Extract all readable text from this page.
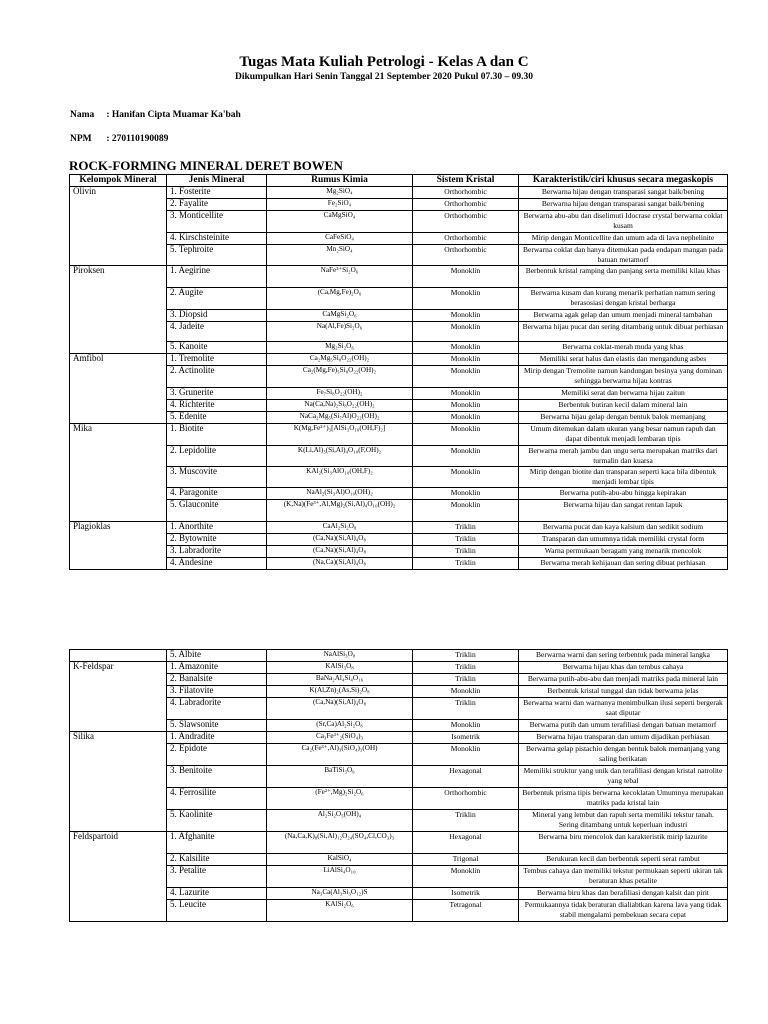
Tugas Mata Kuliah Petrologi - Kelas A dan C
Dikumpulkan Hari Senin Tanggal 21 September 2020 Pukul 07.30 – 09.30
Nama : Hanifan Cipta Muamar Ka'bah
NPM : 270110190089
ROCK-FORMING MINERAL DERET BOWEN
Kelompok Mineral	Jenis Mineral	Rumus Kimia	Sistem Kristal	Karakteristik/ciri khusus secara megaskopis
Olivin	1. Fosterite	Mg₂SiO₄	Orthorhombic	Berwarna hijau dengan transparasi sangat baik/bening
	2. Fayalite	Fe₂SiO₄	Orthorhombic	Berwarna hijau dengan transparasi sangat baik/bening
	3. Monticellite	CaMgSiO₄	Orthorhombic	Berwarna abu-abu dan diselimuti Idocrase crystal berwarna coklat kusam
	4. Kirschsteinite	CaFeSiO₄	Orthorhombic	Mirip dengan Monticellite dan umum ada di lava nephelinite
	5. Tephroite	Mn₂SiO₄	Orthorhombic	Berwarna coklat dan hanya ditemukan pada endapan mangan pada batuan metamorf
Piroksen	1. Aegirine	NaFe³⁺Si₂O₆	Monoklin	Berbentuk kristal ramping dan panjang serta memiliki kilau khas
	2. Augite	(Ca,Mg,Fe)₂O₆	Monoklin	Berwarna kusam dan kurang menarik perhatian namun sering berasosiasi dengan kristal berharga
	3. Diopsid	CaMgSi₂O₆	Monoklin	Berwarna agak gelap dan umum menjadi mineral tambahan
	4. Jadeite	Na(Al,Fe)Si₂O₆	Monoklin	Berwarna hijau pucat dan sering ditambang untuk dibuat perhiasan
	5. Kanoite	Mg₂Si₂O₆	Monoklin	Berwarna coklat-merah muda yang khas
Amfibol	1. Tremolite	Ca₂Mg₅Si₈O₂₂(OH)₂	Monoklin	Memiliki serat halus dan elastis dan mengandung asbes
	2. Actinolite	Ca₂(Mg,Fe)₅Si₈O₂₂(OH)₂	Monoklin	Mirip dengan Tremolite namun kandungan besinya yang dominan sehingga berwarna hijau kontras
	3. Grunerite	Fe₇Si₈O₂₂(OH)₂	Monoklin	Memiliki serat dan berwarna hijau zaitun
	4. Richterite	Na(Ca,Na)₂Si₈O₂₂(OH)₂	Monoklin	Berbentuk butiran kecil dalam mineral lain
	5. Edenite	NaCa₂Mg₅(Si₇Al)O₂₂(OH)₂	Monoklin	Berwarna hijau gelap dengan bentuk balok memanjang
Mika	1. Biotite	K(Mg,Fe²⁺)₃[AlSi₃O₁₀(OH,F)₂]	Monoklin	Umum ditemukan dalam ukuran yang besar namun rapuh dan dapat dibentuk menjadi lembaran tipis
	2. Lepidolite	K(Li,Al)₃(Si,Al)₄O₁₀(F,OH)₂	Monoklin	Berwarna merah jambu dan ungu serta merupakan matriks dari turmalin dan kuarsa
	3. Muscovite	KAl₂(Si₃AlO₁₀(OH,F)₂	Monoklin	Mirip dengan biotite dan transparan seperti kaca bila dibentuk menjadi lembar tipis
	4. Paragonite	NaAl₂(Si₃Al)O₁₀(OH)₂	Monoklin	Berwarna putih-abu-abu hingga kepirakan
	5. Glauconite	(K,Na)(Fe³⁺,Al,Mg)₂(Si,Al)₄O₁₀(OH)₂	Monoklin	Berwarna hijau dan sangat rentan lapuk
Plagioklas	1. Anorthite	CaAl₂Si₂O₈	Triklin	Berwarna pucat dan kaya kalsium dan sedikit sodium
	2. Bytownite	(Ca,Na)(Si,Al)₄O₈	Triklin	Transparan dan umumnya tidak memiliki crystal form
	3. Labradorite	(Ca,Na)(Si,Al)₄O₈	Triklin	Warna permukaan beragam yang menarik mencolok
	4. Andesine	(Na,Ca)(Si,Al)₄O₈	Triklin	Berwarna merah kehijauan dan sering dibuat perhiasan
	5. Albite	NaAlSi₃O₈	Triklin	Berwarna warni dan sering terbentuk pada mineral langka
K-Feldspar	1. Amazonite	KAlSi₃O₈	Triklin	Berwarna hijau khas dan tembus cahaya
	2. Banalsite	BaNa₂Al₄Si₄O₁₆	Triklin	Berwarna putih-abu-abu dan menjadi matriks pada mineral lain
	3. Filatovite	K(Al,Zn)₂(As,Si)₂O₈	Monoklin	Berbentuk kristal tunggal dan tidak berwarna jelas
	4. Labradorite	(Ca,Na)(Si,Al)₄O₈	Triklin	Berwarna warni dan warnanya menimbulkan ilusi seperti bergerak saat diputar
	5. Slawsonite	(Sr,Ca)Al₂Si₂O₈	Monoklin	Berwarna putih dan umum terafiliasi dengan batuan metamorf
Silika	1. Andradite	Ca₃Fe³⁺₂(SiO₄)₃	Isometrik	Berwarna hijau transparan dan umum dijadikan perhiasan
	2. Epidote	Ca₂(Fe³⁺,Al)₃(SiO₄)₃(OH)	Monoklin	Berwarna gelap pistachio dengan bentuk balok memanjang yang saling berikatan
	3. Benitoite	BaTiSi₃O₉	Hexagonal	Memiliki struktur yang unik dan terafiliasi dengan kristal natrolite yang tebal
	4. Ferrosilite	(Fe²⁺,Mg)₂Si₂O₆	Orthorhombic	Berbentuk prisma tipis berwarna kecoklatan Umumnya merupakan matriks pada kristal lain
	5. Kaolinite	Al₂Si₂O₅(OH)₄	Triklin	Mineral yang lembut dan rapuh serta memiliki tekstur tanah. Sering ditambang untuk keperluan industri
Feldspartoid	1. Afghanite	(Na,Ca,K)₈(Si,Al)₁₂O₂₄(SO₄,Cl,CO₃)₃	Hexagonal	Berwarna biru mencolok dan karakteristik mirip lazurite
	2. Kalsilite	KalSiO₄	Trigonal	Berukuran kecil dan berbentuk seperti serat rambut
	3. Petalite	LiAlSi₄O₁₀	Monoklin	Tembus cahaya dan memiliki tekstur permukaan seperti ukiran tak beraturan khas petalite
	4. Lazurite	Na₃Ca(Al₃Si₃O₁₂)S	Isometrik	Berwarna biru khas dan berafiliasi dengan kalsit dan pirit
	5. Leucite	KAlSi₂O₆	Tetragonal	Permukaannya tidak beraturan dialiabtkan karena lava yang tidak stabil mengalami pembekuan secara cepat
